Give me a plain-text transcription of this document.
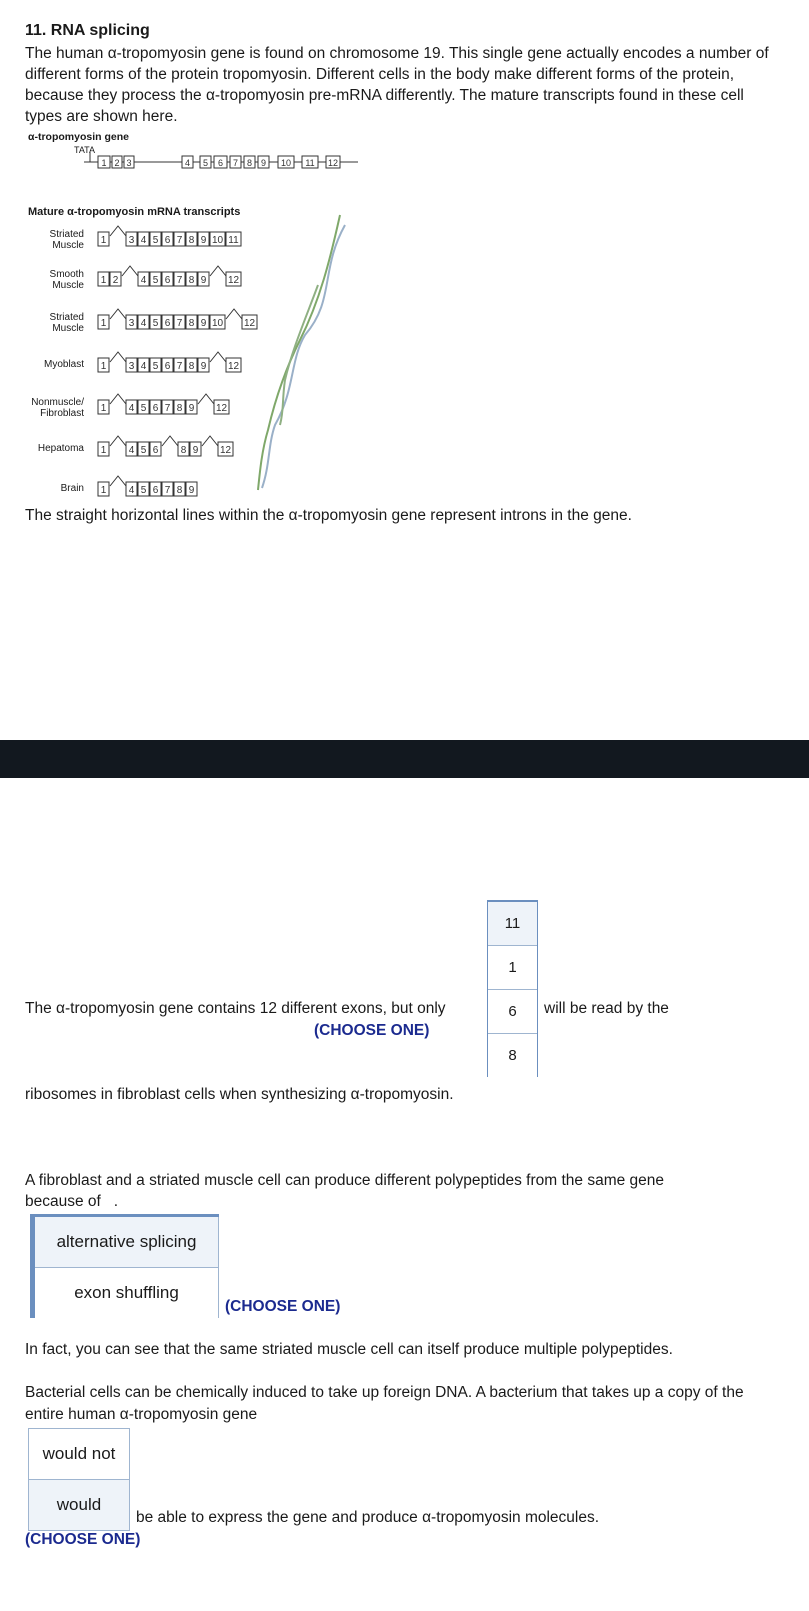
11. RNA splicing
The human α-tropomyosin gene is found on chromosome 19. This single gene actually encodes a number of different forms of the protein tropomyosin. Different cells in the body make different forms of the protein, because they process the α-tropomyosin pre-mRNA differently. The mature transcripts found in these cell types are shown here.
α-tropomyosin gene
TATA
Mature α-tropomyosin mRNA transcripts
1 2 3	4 5 6 7 8 9 10 11 12
1 3 4 5 6 7 8 9 10 11
1 2 4 5 6 7 8 9 12
1 3 4 5 6 7 8 9 10 12
1 3 4 5 6 7 8 9 12
1 4 5 6 7 8 9 12
1 4 5 6 8 9 12
1 4 5 6 7 8 9
Striated
Muscle
Smooth
Muscle
Striated
Muscle
Myoblast
Nonmuscle/
Fibroblast
Hepatoma
Brain
The straight horizontal lines within the α-tropomyosin gene represent introns in the gene.
The α-tropomyosin gene contains 12 different exons, but only
(CHOOSE ONE)
11
1
6
8
will be read by the
ribosomes in fibroblast cells when synthesizing α-tropomyosin.
A fibroblast and a striated muscle cell can produce different polypeptides from the same gene because of .
alternative splicing
exon shuffling
(CHOOSE ONE)
In fact, you can see that the same striated muscle cell can itself produce multiple polypeptides.
Bacterial cells can be chemically induced to take up foreign DNA. A bacterium that takes up a copy of the entire human α-tropomyosin gene
would not
would
be able to express the gene and produce α-tropomyosin molecules.
(CHOOSE ONE)
